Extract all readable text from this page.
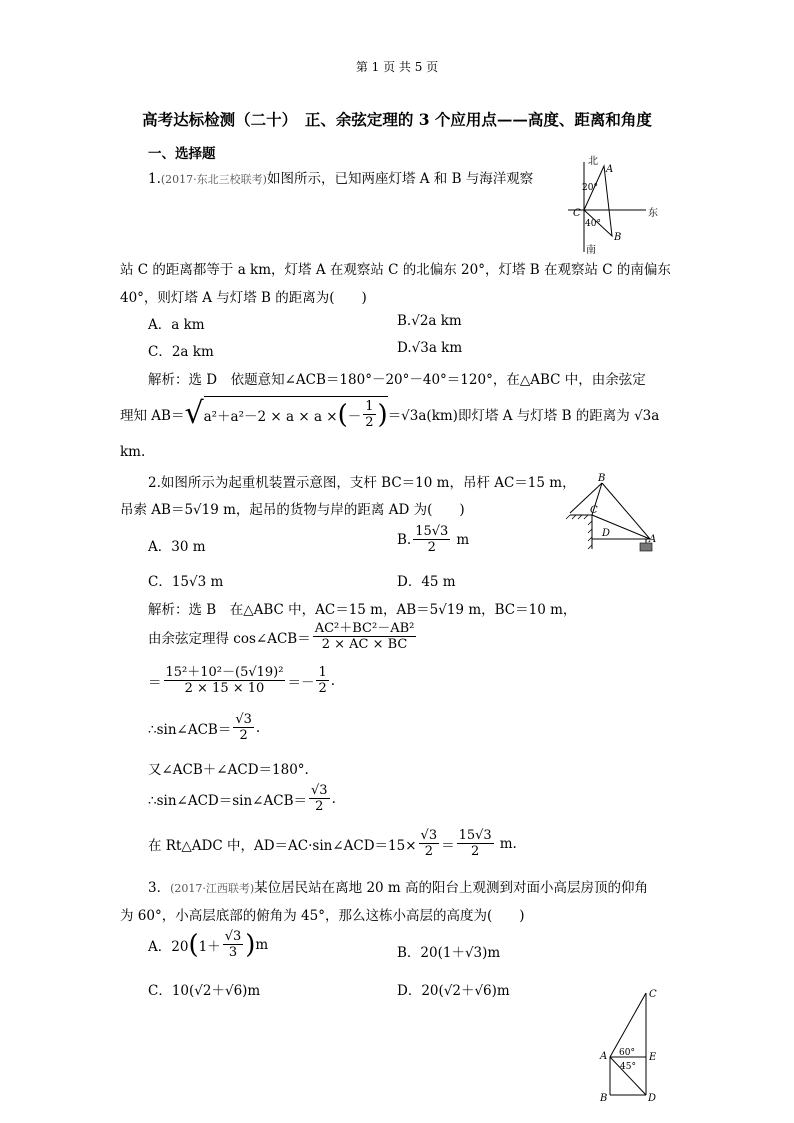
第 1 页 共 5 页
高考达标检测（二十）　正、余弦定理的 3 个应用点——高度、距离和角度
一、选择题
1.(2017·东北三校联考)如图所示，已知两座灯塔 A 和 B 与海洋观察
北
A
20°
C	东
40°
B
南
站 C 的距离都等于 a km，灯塔 A 在观察站 C 的北偏东 20°，灯塔 B 在观察站 C 的南偏东
40°，则灯塔 A 与灯塔 B 的距离为(　　)
A．a km	B.√2a km
C．2a km	D.√3a km
解析：选 D　依题意知∠ACB＝180°－20°－40°＝120°，在△ABC 中，由余弦定
理知 AB＝ √ a²＋a²－2 × a × a × ( － $\frac{1}{2}$ ) ＝√3a(km)即灯塔 A 与灯塔 B 的距离为 √3a
km.
2.如图所示为起重机装置示意图，支杆 BC＝10 m，吊杆 AC＝15 m，
吊索 AB＝5√19 m，起吊的货物与岸的距离 AD 为(　　)
B
C
D
A
A．30 m	B. $\frac{15√3}{2}$ m
C．15√3 m	D．45 m
解析：选 B　在△ABC 中，AC＝15 m，AB＝5√19 m，BC＝10 m，
由余弦定理得 cos∠ACB＝ $\frac{\text{AC²＋BC²－AB²}}{2 \times AC \times BC}$
＝ $\frac{\text{15²＋10²－(5√19)²}}{2 \times 15 \times 10} =- \frac{1}{2}$ .
∴sin∠ACB＝ $\frac{√3}{2}$ .
又∠ACB＋∠ACD＝180°.
∴sin∠ACD＝sin∠ACB＝ $\frac{√3}{2}$ .
在 Rt△ADC 中，AD＝AC·sin∠ACD＝15× $\frac{√3}{2} = \frac{15√3}{2} m$.
3．(2017·江西联考)某位居民站在离地 20 m 高的阳台上观测到对面小高层房顶的仰角
为 60°，小高层底部的俯角为 45°，那么这栋小高层的高度为(　　)
A．20 ( $1+ \frac{√3}{3}$ ) m
B．20(1＋√3)m
C．10(√2＋√6)m	D．20(√2＋√6)m	C
A	E
60°
45°
B	D
